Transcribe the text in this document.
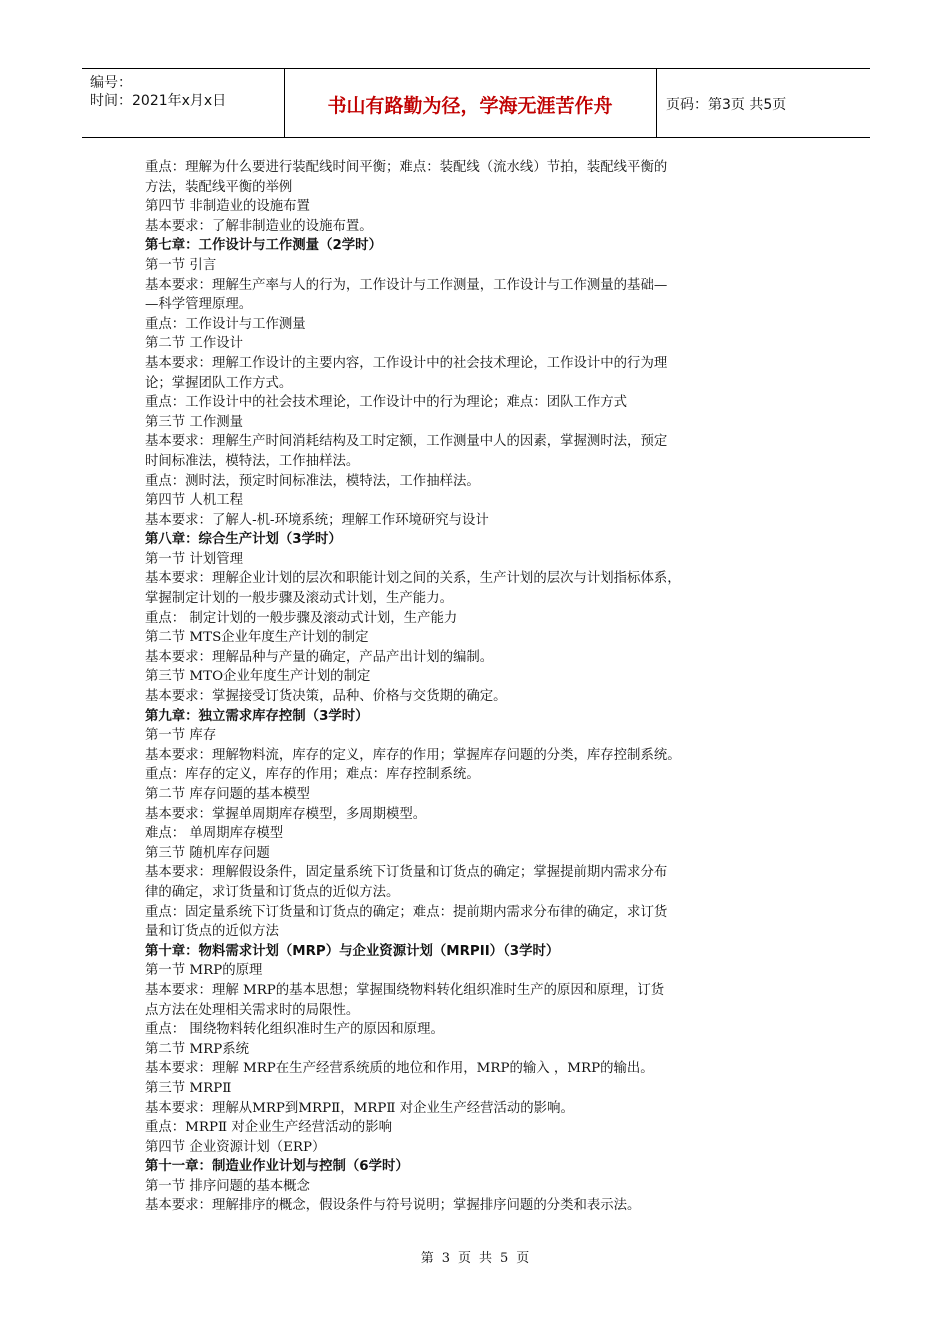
编号：
时间：2021年x月x日	书山有路勤为径，学海无涯苦作舟	页码：第3页 共5页
重点：理解为什么要进行装配线时间平衡；难点：装配线（流水线）节拍，装配线平衡的
方法，装配线平衡的举例
第四节 非制造业的设施布置
基本要求：了解非制造业的设施布置。
第七章：工作设计与工作测量（2学时）
第一节 引言
基本要求：理解生产率与人的行为，工作设计与工作测量，工作设计与工作测量的基础—
—科学管理原理。
重点：工作设计与工作测量
第二节 工作设计
基本要求：理解工作设计的主要内容，工作设计中的社会技术理论，工作设计中的行为理
论；掌握团队工作方式。
重点：工作设计中的社会技术理论，工作设计中的行为理论；难点：团队工作方式
第三节 工作测量
基本要求：理解生产时间消耗结构及工时定额，工作测量中人的因素，掌握测时法，预定
时间标准法，模特法，工作抽样法。
重点：测时法，预定时间标准法，模特法，工作抽样法。
第四节 人机工程
基本要求：了解人-机-环境系统；理解工作环境研究与设计
第八章：综合生产计划（3学时）
第一节 计划管理
基本要求：理解企业计划的层次和职能计划之间的关系，生产计划的层次与计划指标体系，
掌握制定计划的一般步骤及滚动式计划，生产能力。
重点： 制定计划的一般步骤及滚动式计划，生产能力
第二节 MTS企业年度生产计划的制定
基本要求：理解品种与产量的确定，产品产出计划的编制。
第三节 MTO企业年度生产计划的制定
基本要求：掌握接受订货决策，品种、价格与交货期的确定。
第九章：独立需求库存控制（3学时）
第一节 库存
基本要求：理解物料流，库存的定义，库存的作用；掌握库存问题的分类，库存控制系统。
重点：库存的定义，库存的作用；难点：库存控制系统。
第二节 库存问题的基本模型
基本要求：掌握单周期库存模型，多周期模型。
难点： 单周期库存模型
第三节 随机库存问题
基本要求：理解假设条件，固定量系统下订货量和订货点的确定；掌握提前期内需求分布
律的确定，求订货量和订货点的近似方法。
重点：固定量系统下订货量和订货点的确定；难点：提前期内需求分布律的确定，求订货
量和订货点的近似方法
第十章：物料需求计划（MRP）与企业资源计划（MRPII）（3学时）
第一节 MRP的原理
基本要求：理解 MRP的基本思想；掌握围绕物料转化组织准时生产的原因和原理，订货
点方法在处理相关需求时的局限性。
重点： 围绕物料转化组织准时生产的原因和原理。
第二节 MRP系统
基本要求：理解 MRP在生产经营系统质的地位和作用，MRP的输入 ，MRP的输出。
第三节 MRPⅡ
基本要求：理解从MRP到MRPⅡ，MRPⅡ 对企业生产经营活动的影响。
重点：MRPⅡ 对企业生产经营活动的影响
第四节 企业资源计划（ERP）
第十一章：制造业作业计划与控制（6学时）
第一节 排序问题的基本概念
基本要求：理解排序的概念，假设条件与符号说明；掌握排序问题的分类和表示法。
第 3 页 共 5 页
